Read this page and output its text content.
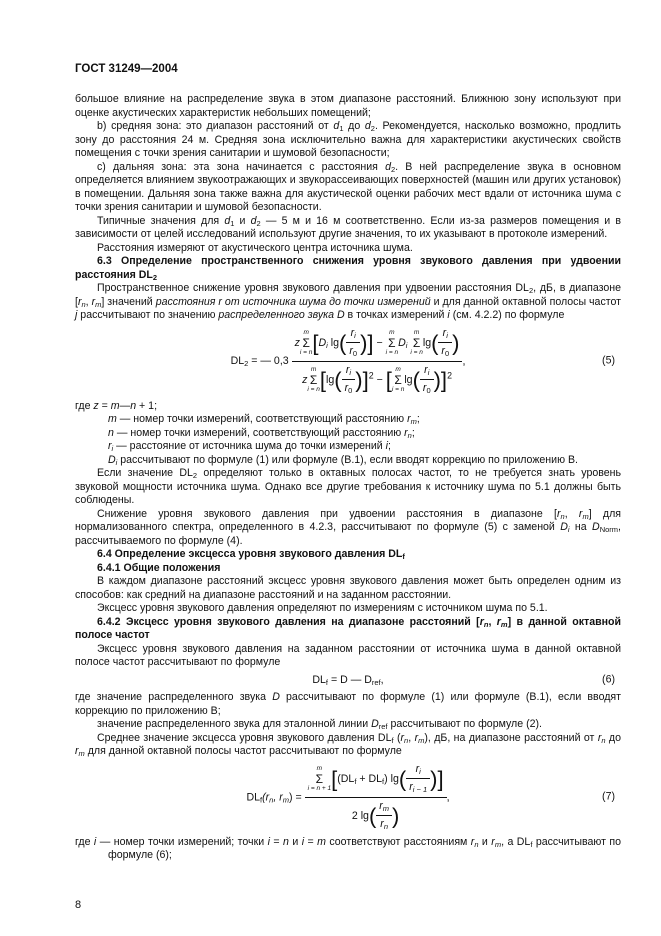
ГОСТ 31249—2004

большое влияние на распределение звука в этом диапазоне расстояний. Ближнюю зону используют при оценке акустических характеристик небольших помещений;

b) средняя зона: это диапазон расстояний от $d_1$ до $d_2$. Рекомендуется, насколько возможно, продлить зону до расстояния 24 м. Средняя зона исключительно важна для характеристики акустических свойств помещения с точки зрения санитарии и шумовой безопасности;

c) дальняя зона: эта зона начинается с расстояния $d_2$. В ней распределение звука в основном определяется влиянием звукоотражающих и звукорассеивающих поверхностей (машин или других установок) в помещении. Дальняя зона также важна для акустической оценки рабочих мест вдали от источника шума с точки зрения санитарии и шумовой безопасности.

Типичные значения для $d_1$ и $d_2$ — 5 м и 16 м соответственно. Если из-за размеров помещения и в зависимости от целей исследований используют другие значения, то их указывают в протоколе измерений.

Расстояния измеряют от акустического центра источника шума.

6.3 Определение пространственного снижения уровня звукового давления при удвоении расстояния $DL_2$

Пространственное снижение уровня звукового давления при удвоении расстояния $DL_2$, дБ, в диапазоне [$r_n$, $r_m$] значений расстояния r от источника шума до точки измерений и для данной октавной полосы частот j рассчитывают по значению распределенного звука D в точках измерений i (см. 4.2.2) по формуле

$DL_2$ = — 0,3
z
m
Σ
i = n [$D_i$ $\lg( \frac{r_i}{r_0}$ )] −
m
Σ
i = n
$D_i$
m
Σ
i = n
$\lg( \frac{r_i}{r_0}$ )
z
m
Σ
i = n $[\lg( \frac{r_i}{r_0} )]^2$ − [ m
Σ
i = n
$\lg( \frac{r_i}{r_0} )]^2$
,	(5)

где z = m—n + 1;

m — номер точки измерений, соответствующий расстоянию $r_m$;

n — номер точки измерений, соответствующий расстоянию $r_n$;

$r_i$ — расстояние от источника шума до точки измерений i;

$D_i$ рассчитывают по формуле (1) или формуле (В.1), если вводят коррекцию по приложению В.

Если значение $DL_2$ определяют только в октавных полосах частот, то не требуется знать уровень звуковой мощности источника шума. Однако все другие требования к источнику шума по 5.1 должны быть соблюдены.

Снижение уровня звукового давления при удвоении расстояния в диапазоне [$r_n$, $r_m$] для нормализованного спектра, определенного в 4.2.3, рассчитывают по формуле (5) с заменой $D_i$ на $D_{Norm}$, рассчитываемого по формуле (4).

6.4 Определение эксцесса уровня звукового давления $DL_f$

6.4.1 Общие положения

В каждом диапазоне расстояний эксцесс уровня звукового давления может быть определен одним из способов: как средний на диапазоне расстояний и на заданном расстоянии.

Эксцесс уровня звукового давления определяют по измерениям с источником шума по 5.1.

6.4.2 Эксцесс уровня звукового давления на диапазоне расстояний [$r_n$, $r_m$] в данной октавной полосе частот

Эксцесс уровня звукового давления на заданном расстоянии от источника шума в данной октавной полосе частот рассчитывают по формуле

$DL_f = D$ — $D_{ref}$,	(6)

где значение распределенного звука D рассчитывают по формуле (1) или формуле (В.1), если вводят коррекцию по приложению В;

значение распределенного звука для эталонной линии $D_{ref}$ рассчитывают по формуле (2).

Среднее значение эксцесса уровня звукового давления $DL_f$ ($r_n$, $r_m$), дБ, на диапазоне расстояний от $r_n$ до $r_m$ для данной октавной полосы частот рассчитывают по формуле

$DL_f(r_n$, $r_m) = m$
Σ
i = n + 1 [$(DL_f + DL_f)$ $\lg( \frac{r_i}{r_{i - 1}}$ )]
2 $\lg( \frac{r_m}{r_n}$ ) ,	(7)

где i — номер точки измерений; точки i = n и i = m соответствуют расстояниям $r_n$ и $r_m$, а $DL_f$ рассчитывают по формуле (6);

8
